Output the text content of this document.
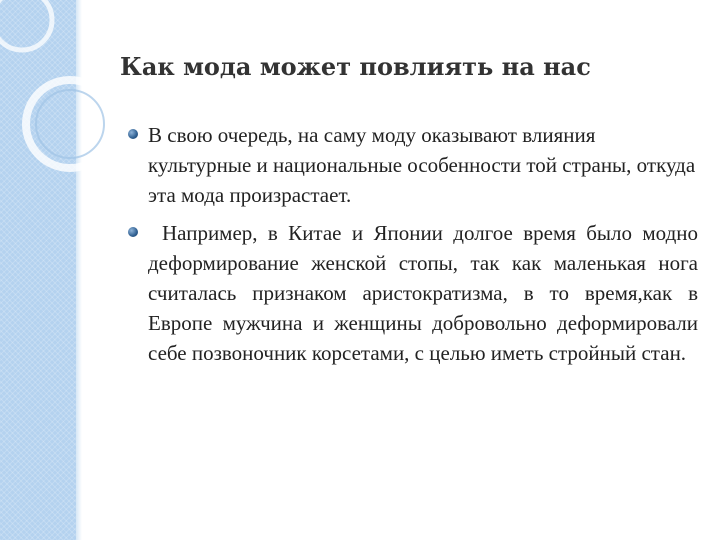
Как мода может повлиять на нас
В свою очередь, на саму моду оказывают влияния культурные и национальные особенности той страны, откуда эта мода произрастает.
Например, в Китае и Японии долгое время было модно деформирование женской стопы, так как маленькая нога считалась признаком аристократизма, в то время,как в Европе мужчина и женщины добровольно деформировали себе позвоночник корсетами, с целью иметь стройный стан.
